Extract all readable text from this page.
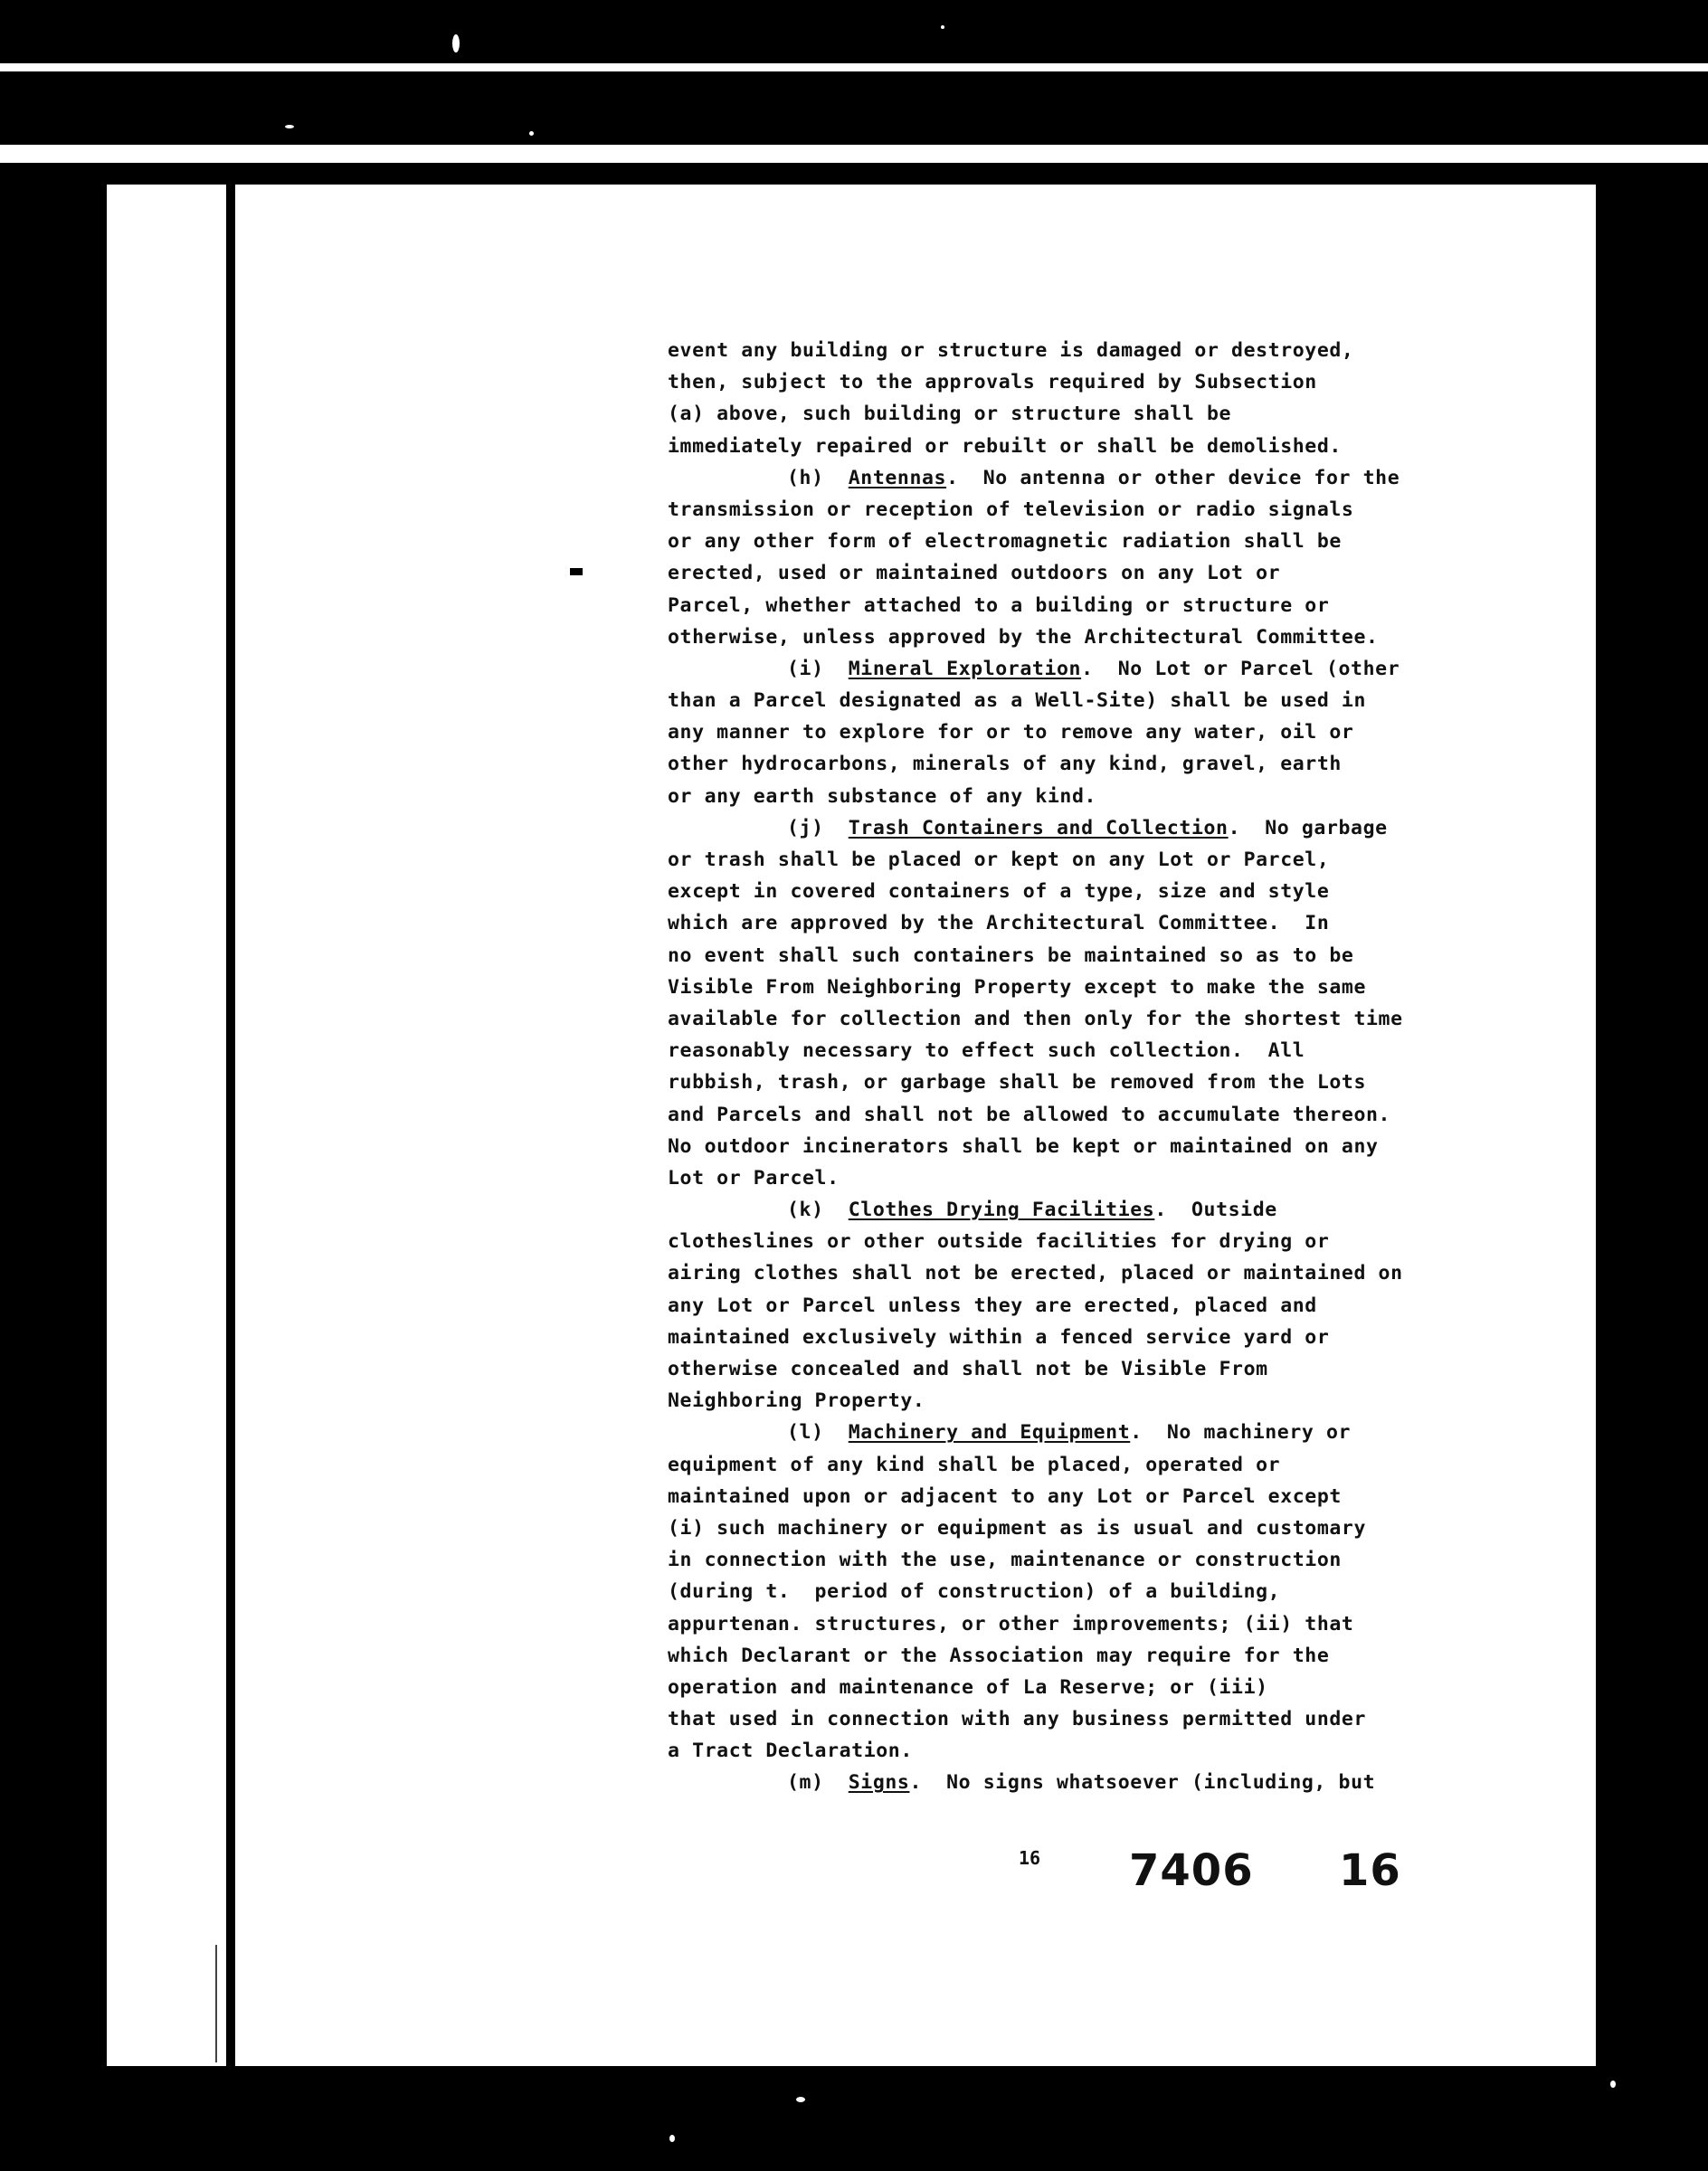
event any building or structure is damaged or destroyed,
then, subject to the approvals required by Subsection
(a) above, such building or structure shall be
immediately repaired or rebuilt or shall be demolished.
(h) Antennas.  No antenna or other device for the
transmission or reception of television or radio signals
or any other form of electromagnetic radiation shall be
erected, used or maintained outdoors on any Lot or
Parcel, whether attached to a building or structure or
otherwise, unless approved by the Architectural Committee.
(i) Mineral Exploration.  No Lot or Parcel (other
than a Parcel designated as a Well-Site) shall be used in
any manner to explore for or to remove any water, oil or
other hydrocarbons, minerals of any kind, gravel, earth
or any earth substance of any kind.
(j) Trash Containers and Collection.  No garbage
or trash shall be placed or kept on any Lot or Parcel,
except in covered containers of a type, size and style
which are approved by the Architectural Committee.  In
no event shall such containers be maintained so as to be
Visible From Neighboring Property except to make the same
available for collection and then only for the shortest time
reasonably necessary to effect such collection.  All
rubbish, trash, or garbage shall be removed from the Lots
and Parcels and shall not be allowed to accumulate thereon.
No outdoor incinerators shall be kept or maintained on any
Lot or Parcel.
(k) Clothes Drying Facilities.  Outside
clotheslines or other outside facilities for drying or
airing clothes shall not be erected, placed or maintained on
any Lot or Parcel unless they are erected, placed and
maintained exclusively within a fenced service yard or
otherwise concealed and shall not be Visible From
Neighboring Property.
(l) Machinery and Equipment.  No machinery or
equipment of any kind shall be placed, operated or
maintained upon or adjacent to any Lot or Parcel except
(i) such machinery or equipment as is usual and customary
in connection with the use, maintenance or construction
(during t.  period of construction) of a building,
appurtenan. structures, or other improvements; (ii) that
which Declarant or the Association may require for the
operation and maintenance of La Reserve; or (iii)
that used in connection with any business permitted under
a Tract Declaration.
(m) Signs.  No signs whatsoever (including, but
16 7406 16
